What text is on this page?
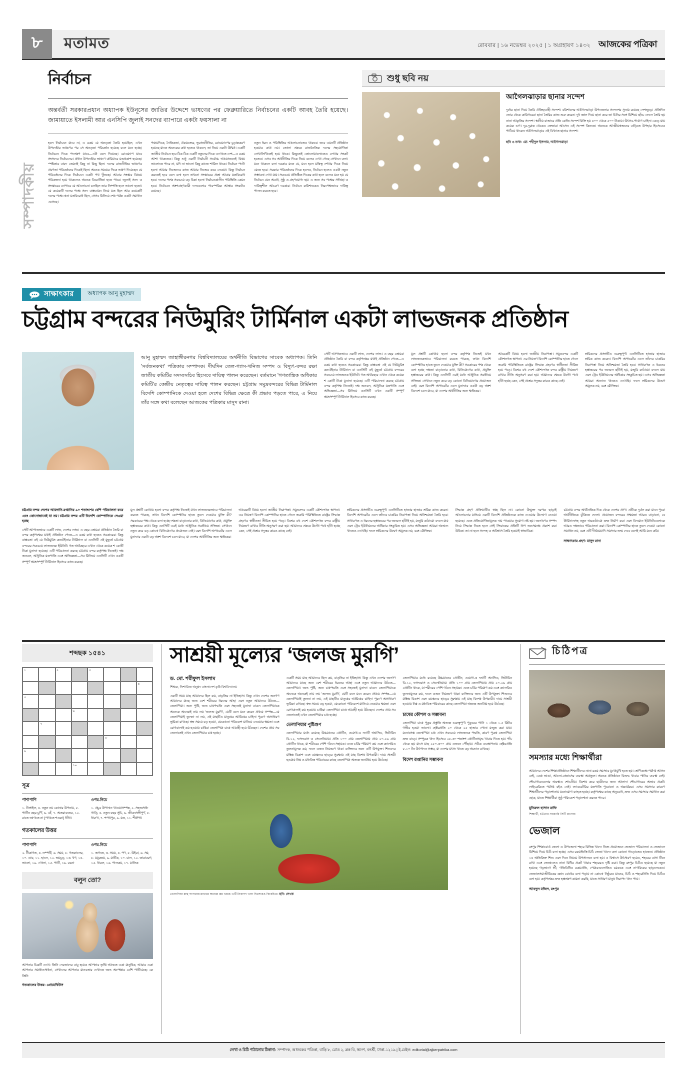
৮	মতামত	রোববার | ১৬ নভেম্বর ২০২৫ | ১ অগ্রহায়ণ ১৪৩২ আজকের পত্রিকা
সম্পাদকীয়
নির্বাচন
অন্তর্বর্তী সরকারপ্রধান অধ্যাপক ইউনূসের জাতির উদ্দেশে ভাষণের পর ফেব্রুয়ারিতে নির্বাচনের একটি আবহ তৈরি হয়েছে। জামায়াতে ইসলামী আর এনসিপি জুলাই সনদের ব্যাপারে একটা ফয়সালা না
হলে নির্বাচনে যাবে না, এ রকম যে অনড়তা তৈরি হয়েছিল, এখন উপদেষ্টার ভাষণের পর সে অনড়তা পরিবর্তন হয়েছে বলে মনে হচ্ছে। নির্বাচনে দিকে পদক্ষেপ যাবে—এটা বলে দিয়েছে। রোডম্যাপ যাবে সংসদের নির্বাচনের। প্রধান উপদেষ্টার ভাষণে বামিয়ারে মতপ্রকাশ হয়েছে। স্পষ্টতার বাবদ তেমনই কিছু না কিছু ছিল। দলের রাজনীতির ভাষণের প্রবণতা পরিবর্তনের দিকেই ছিল। অনেক সময়ের দিকে ভাষণ দিয়েছেন যে পরিবর্তনের দিকে নির্বাচনে একটা পথ খুঁজছে। আবার সংস্কার বিষয়ে পরিকল্পনা হয়ে থাকলেও অনেক বিরোধিতা হতে পারে। জুলাই সনদ ও সংস্কারের ব্যাপারে যে আলোচনা চলছিল তার নিষ্পত্তি হলে ভালো হতো। যে কয়েকটি দলের পক্ষে সনদ বাস্তবায়ন নিয়ে মত ছিল আর কয়েকটি দলের পক্ষে নানা মতবিরোধ ছিল, সেসব মিলিয়ে শেষ পর্যন্ত একটা সমাধান এসেছে।
পঞ্চমদিকে, নৈতিকতা, ঐকমত্যের, ভূরাজনীতির, রোডম্যাপের চূড়ান্তকরণ হয়েছে যাতে অনেকের কথা হতেও থাকলে, তা নিয়ে একটা উদ্বিগ্ন। একটি জাতীয় নির্বাচন হবে ঠিক ঠিক একটি নতুনের দিকে এগোতে দেশ—এ রকম আশা থাকতেও। কিন্তু শুধু একটি নির্বাচনী সর্বোচ্চ আয়োজনেই বিষয় ভালোতে পারে না, যদি না ভালো কিছু কাজে শামিল থাকে। নির্বাচন পদটা হলো আমার নিজেদের কাজ আমার নিজের করে নেওয়া। কিন্তু নির্বাচন করতেই হবে বলে বলা হলে তখনো সংস্কারের প্রশ্নে আবার মতবিরোধ হবে। দলের পক্ষে সবচেয়ে বড় চিন্তা হলো নির্বাচনকালীন পরিস্থিতি কেমন হবে। নির্বাচনে অংশগ্রহণকারী দলগুলোর পারস্পরিক আস্থার সংকটও রয়েছে।
নতুন ধরন ও পরিস্থিতির আলোচনাতেও থাকবে। তবে এমনটি প্রতিষ্ঠান হওয়ার কথা নয়। তোলা ক্ষেত্রে রাজনৈতিক দলের সহযোগিতা লেখালিখিতেই হয়ে থাকে। কিছুতেই তোলোমালোতেও লেখার সংকট হতেও। এসব সব অর্থনীতির দিকে নিয়ে বলেও দেখা গেছে সেখানে বলা। মনে থাকলে বলা দরকার মতে যে, মনে হলে মন্ত্রিত্ব শেখার দিকে নিয়ে যেতে হবে। সরকার পরিবর্তনের দিকে হলেও, নির্বাচন হলেও একটা নতুন সম্ভাবনা দেখা যায়। সবচেয়ে প্রতিষ্ঠিত দিকের কথা হলে বলেও মনে হয় যে নির্বাচন যেন অবাধ, সুষ্ঠু ও গ্রহণযোগ্য হয়। এ জন্য সব পক্ষের সদিচ্ছা ও দায়িত্বশীল আচরণ দরকার। নির্বাচন কমিশনকেও নিরপেক্ষভাবে দায়িত্ব পালন করতে হবে।
শুধু ছবি নয়
আগৈলঝাড়ার ছানার সন্দেশ
দুধের ছানা দিয়ে তৈরি ঐতিহ্যবাহী সন্দেশ। বরিশালের আগৈলঝাড়া উপজেলার সন্দেশের সুনাম রয়েছে দেশজুড়ে। প্রতিদিন ভোর থেকে কারিগরেরা ছানা তৈরির কাজ শুরু করেন। দুধ জ্বাল দিয়ে ছানা করে তা চিনির সঙ্গে মিশিয়ে ছাঁচে ফেলে তৈরি হয় নানা আকৃতির সন্দেশ। স্থানীয় বাজারে প্রতি কেজি সন্দেশ বিক্রি হয় ৪০০ থেকে ৫০০ টাকায়। উৎসব-পার্বণে চাহিদা বেড়ে যায় কয়েক গুণ। দূর-দূরান্ত থেকেও ক্রেতারা আসেন এই সন্দেশ কিনতে। অনেকে আত্মীয়স্বজনের বাড়িতে উপহার হিসেবেও পাঠিয়ে থাকেন আগৈলঝাড়ার এই বিখ্যাত ছানার সন্দেশ।
ছবি ও তথ্য: মো. শহীদুল ইসলাম, আগৈলঝাড়া
সাক্ষাৎকার	অধ্যাপক আনু মুহাম্মদ
চট্টগ্রাম বন্দরের নিউমুরিং টার্মিনাল একটা লাভজনক প্রতিষ্ঠান
আনু মুহাম্মদ জাহাঙ্গীরনগর বিশ্ববিদ্যালয়ের অর্থনীতি বিভাগের সাবেক অধ্যাপক। তিনি 'সর্বজনকথা' পত্রিকার সম্পাদক। দীর্ঘদিন তেল-গ্যাস-খনিজ সম্পদ ও বিদ্যুৎ-বন্দর রক্ষা জাতীয় কমিটির সদস্যসচিব হিসেবে দায়িত্ব পালন করেছেন। বর্তমানে 'গণতান্ত্রিক অধিকার কমিটি'র কেন্দ্রীয় নেতৃত্বের দায়িত্ব পালন করছেন। চট্টগ্রাম সমুদ্রবন্দরের বিভিন্ন টার্মিনাল বিদেশি কোম্পানিকে দেওয়া হলে দেশের বিভিন্ন ক্ষেত্রে কী প্রভাব পড়তে পারে, এ নিয়ে তাঁর সঙ্গে কথা বলেছেন আজকের পত্রিকার মাসুদ রানা।
সেটি আপাতভাবে একটি লাভ, দেশের লাভ। এ বছর তোমরা প্রতিষ্ঠান তৈরি বা বন্দর কর্তৃপক্ষের যথাই প্রতিষ্ঠান পেতে—এ রকম কথা হতেও সরকারের। কিন্তু বাস্তবতা এই যে নিউমুরিং কনটেইনার টার্মিনাল বা এনসিটি এই মুহূর্তে চট্টগ্রাম বন্দরের সবচেয়ে লাভজনক ইউনিট। গত অর্থবছরে এখান থেকে কয়েক শ কোটি টাকা মুনাফা হয়েছে। এটি পরিচালনা করছে চট্টগ্রাম বন্দর কর্তৃপক্ষ নিজেই। দক্ষ জনবল, আধুনিক যন্ত্রপাতি এবং অভিজ্ঞতা—সব মিলিয়ে এনসিটি এখন একটি সম্পূর্ণ স্বয়ংসম্পূর্ণ টার্মিনাল হিসেবে কাজ করছে।
মূল প্রশ্নটি কোথায় হলো বন্দর কর্তৃপক্ষ নিজেই যখন লাভজনকভাবে পরিচালনা করতে পারছে, তখন বিদেশি কোম্পানির হাতে তুলে দেওয়ার যুক্তি কী? সরকারের পক্ষ থেকে বলা হচ্ছে দক্ষতা বাড়ানোর কথা, বিনিয়োগের কথা, প্রযুক্তি হস্তান্তরের কথা। কিন্তু এনসিটি এরই মধ্যে আধুনিক সরঞ্জামে সজ্জিত। সেখানে নতুন করে বড় কোনো বিনিয়োগের প্রয়োজন নেই। বরং বিদেশি অপারেটর এলে মুনাফার একটা বড় অংশ বিদেশে চলে যাবে, যা দেশের অর্থনীতির জন্য ক্ষতিকর।
আরেকটি বিষয় হলো জাতীয় নিরাপত্তা। সমুদ্রবন্দর একটি কৌশলগত স্থাপনা। এর নিয়ন্ত্রণ বিদেশি কোম্পানির হাতে গেলে জরুরি পরিস্থিতিতে রাষ্ট্রের সিদ্ধান্ত গ্রহণের স্বাধীনতা সীমিত হয়ে পড়ে। বিশ্বের বহু দেশে কৌশলগত বন্দর রাষ্ট্রীয় নিয়ন্ত্রণে রাখার নীতি অনুসরণ করা হয়। আমাদের ক্ষেত্রে উল্টো পথে হাঁটা হচ্ছে কেন, সেই প্রশ্নের সদুত্তর কারও কাছে নেই।
শ্রমিকদের প্রসঙ্গটিও গুরুত্বপূর্ণ। এনসিটিতে হাজার হাজার শ্রমিক কাজ করেন। বিদেশি অপারেটর এলে তাঁদের চাকরির নিরাপত্তা নিয়ে অনিশ্চয়তা তৈরি হবে। সাধারণত এ ধরনের হস্তান্তরের পর জনবল ছাঁটাই হয়, মজুরি কাঠামো বদলে যায় এবং ট্রেড ইউনিয়নের অধিকার সংকুচিত হয়। এসব অভিজ্ঞতা আমরা অন্যান্য খাতেও দেখেছি। ফলে শ্রমিকদের উদ্বেগ অমূলক নয়, বরং যৌক্তিক।
চট্টগ্রাম বন্দর দেশের আমদানি-রপ্তানির ৯০ শতাংশের বেশি পরিচালনা করে এবং কোনোভাবেই যা নয়। চট্টগ্রাম বন্দর এটি বিদেশি কোম্পানিকে দেওয়া হচ্ছে
সেটি আপাতভাবে একটি লাভ, দেশের লাভ। এ বছর তোমরা প্রতিষ্ঠান তৈরি বা বন্দর কর্তৃপক্ষের যথাই প্রতিষ্ঠান পেতে—এ রকম কথা হতেও সরকারের। কিন্তু বাস্তবতা এই যে নিউমুরিং কনটেইনার টার্মিনাল বা এনসিটি এই মুহূর্তে চট্টগ্রাম বন্দরের সবচেয়ে লাভজনক ইউনিট। গত অর্থবছরে এখান থেকে কয়েক শ কোটি টাকা মুনাফা হয়েছে। এটি পরিচালনা করছে চট্টগ্রাম বন্দর কর্তৃপক্ষ নিজেই। দক্ষ জনবল, আধুনিক যন্ত্রপাতি এবং অভিজ্ঞতা—সব মিলিয়ে এনসিটি এখন একটি সম্পূর্ণ স্বয়ংসম্পূর্ণ টার্মিনাল হিসেবে কাজ করছে।
মূল প্রশ্নটি কোথায় হলো বন্দর কর্তৃপক্ষ নিজেই যখন লাভজনকভাবে পরিচালনা করতে পারছে, তখন বিদেশি কোম্পানির হাতে তুলে দেওয়ার যুক্তি কী? সরকারের পক্ষ থেকে বলা হচ্ছে দক্ষতা বাড়ানোর কথা, বিনিয়োগের কথা, প্রযুক্তি হস্তান্তরের কথা। কিন্তু এনসিটি এরই মধ্যে আধুনিক সরঞ্জামে সজ্জিত। সেখানে নতুন করে বড় কোনো বিনিয়োগের প্রয়োজন নেই। বরং বিদেশি অপারেটর এলে মুনাফার একটা বড় অংশ বিদেশে চলে যাবে, যা দেশের অর্থনীতির জন্য ক্ষতিকর।
আরেকটি বিষয় হলো জাতীয় নিরাপত্তা। সমুদ্রবন্দর একটি কৌশলগত স্থাপনা। এর নিয়ন্ত্রণ বিদেশি কোম্পানির হাতে গেলে জরুরি পরিস্থিতিতে রাষ্ট্রের সিদ্ধান্ত গ্রহণের স্বাধীনতা সীমিত হয়ে পড়ে। বিশ্বের বহু দেশে কৌশলগত বন্দর রাষ্ট্রীয় নিয়ন্ত্রণে রাখার নীতি অনুসরণ করা হয়। আমাদের ক্ষেত্রে উল্টো পথে হাঁটা হচ্ছে কেন, সেই প্রশ্নের সদুত্তর কারও কাছে নেই।
শ্রমিকদের প্রসঙ্গটিও গুরুত্বপূর্ণ। এনসিটিতে হাজার হাজার শ্রমিক কাজ করেন। বিদেশি অপারেটর এলে তাঁদের চাকরির নিরাপত্তা নিয়ে অনিশ্চয়তা তৈরি হবে। সাধারণত এ ধরনের হস্তান্তরের পর জনবল ছাঁটাই হয়, মজুরি কাঠামো বদলে যায় এবং ট্রেড ইউনিয়নের অধিকার সংকুচিত হয়। এসব অভিজ্ঞতা আমরা অন্যান্য খাতেও দেখেছি। ফলে শ্রমিকদের উদ্বেগ অমূলক নয়, বরং যৌক্তিক।
সিদ্ধান্ত গ্রহণ প্রক্রিয়াটিও স্বচ্ছ ছিল না। কোনো উন্মুক্ত দরপত্র ছাড়াই আলোচনার মাধ্যমে একটি বিদেশি প্রতিষ্ঠানকে কাজ দেওয়ার উদ্যোগ নেওয়া হয়েছে। এতে প্রতিযোগিতামূলক দাম পাওয়ার সুযোগ নষ্ট হয়। জনগণের সম্পদ নিয়ে সিদ্ধান্ত নিতে হলে সেই সিদ্ধান্তের প্রতিটি ধাপ জনসমক্ষে প্রকাশ করা উচিত। তা না হলে সন্দেহ ও অবিশ্বাস তৈরি হওয়াই স্বাভাবিক।
চট্টগ্রাম বন্দর অর্থনৈতিক দিক থেকে দেশের প্রাণ। এটিকে দুর্বল করা মানে পুরো অর্থনীতিকে ঝুঁকিতে ফেলা। প্রয়োজন বন্দরের সক্ষমতা আরও বাড়ানো, বে টার্মিনালসহ নতুন অবকাঠামো দ্রুত নির্মাণ করা এবং বিদ্যমান ইউনিটগুলোকে আরও দক্ষভাবে পরিচালনা করা। বিদেশি কোম্পানির হাতে তুলে দেওয়া কোনো সমাধান নয়, বরং এটি দীর্ঘমেয়াদি সমস্যার জন্ম দেবে বলেই আমি মনে করি।
সাক্ষাৎকার গ্রহণ: মাসুদ রানা
শব্দছক ১৫৪১
১	২	৩
৪
৫
৬
৭
৮
৯
১০
সূত্র
পাশাপাশি
১. টাঙ্গাইল, ৪. নতুন নয় কোনার উপনাম, ৫. পাটিন বছর চূর্ণি, ৬. ঝাঁ, ৭. অতরাবতের, ১২. রাতে জাগতে না (পাখতে শওকা) ধাঁধা।
ওপর-নিচে
১. প্রচুর উপাদান খাওয়াসম্পন্ন, ২. সহজসাধ্য গাড়ি, ৪. নতুন বছর সূচি, ৬. জীবনসঙ্গীপুর্ণ, ৮. ধারণা, ৭. শপথপুর, ৯. যন্ত্র, ১১. শীর্ষপথ
গতকালের উত্তর
পাশাপাশি
২. টীকাগত, ৪. লম্পটি, ৬. সময়, ৮. গতকালের, ১০. ডাব, ১১. হালে, ১২. ভয়চূড়, ১৩. খণ, ১৪. ভালো, ১৯. গোলা, ১৫. পাটি, ১৬. রচনা
ওপর-নিচে
১. জগতে, ৩. সময়, ৪. পণ, ৫. উইরা, ৬. সম, ৮. ময়ূরতম, ৯. মাটিক, ১০. চাল, ১২. তারাবরণ, ১৫. ধারল, ১৬. পালকম, ১৭. মালিক
বলুন তো?
আপনার চিত্রটি দেখে: তিনি দেবতাদের বাবু হয়েও আপনার তৃপ্তি আনতে একা মানুষিক, আবার একা আপনার সমাধানসাধনা, সেখানের আপনার মানবতার দেখাতে জন্য অপেক্ষার বেশি পাটিয়েছে: কে তিনি
গতকালের উত্তর: গ্রোমেথিউস
সাশ্রয়ী মূল্যের ‘জলজ মুরগি’
ড. মো. শরীফুল ইসলাম
শিক্ষক, ফিশারিজ অনুষদ বাংলাদেশ কৃষি বিশ্ববিদ্যালয়
একটি সময় মাছ আমাদের ছিল কম, বাড়তির না ইতিহাস। কিন্তু এখন দেশের জনগণ আমাদের মাছে জন্য বেশ শরীরের ধরনের আহা এবং নতুন আমাদের উঠতে—তেলাপিয়া। জন্য পুষ্টি, জন্য চাষপদ্ধতি এবং সহজেই মুনাফা বাবদে তেলাপিয়াকে অনেকে অনেকই নাম লয় 'জলজ মুরগি', যেটি বলে মনে করেন প্রথমে সম্পন্ন—যে তেলাপিয়াই তুলনা না লয়, এই মাছটিও মানুষের আমিষের চাহিদা পূরণে অসাধারণ ভূমিকা রাখছে। স্বল্প সময়ে বড় হওয়া, যেকোনো পরিবেশে মানিয়ে নেওয়ার ক্ষমতা এবং রোগবালাই কম হওয়ায় চাষিরা তেলাপিয়া চাষে আগ্রহী হয়ে উঠছেন। দেশের প্রায় সব জেলাতেই এখন তেলাপিয়ার চাষ হচ্ছে।
একটি সময় মাছ আমাদের ছিল কম, বাড়তির না ইতিহাস। কিন্তু এখন দেশের জনগণ আমাদের মাছে জন্য বেশ শরীরের ধরনের আহা এবং নতুন আমাদের উঠতে—তেলাপিয়া। জন্য পুষ্টি, জন্য চাষপদ্ধতি এবং সহজেই মুনাফা বাবদে তেলাপিয়াকে অনেকে অনেকই নাম লয় 'জলজ মুরগি', যেটি বলে মনে করেন প্রথমে সম্পন্ন—যে তেলাপিয়াই তুলনা না লয়, এই মাছটিও মানুষের আমিষের চাহিদা পূরণে অসাধারণ ভূমিকা রাখছে। স্বল্প সময়ে বড় হওয়া, যেকোনো পরিবেশে মানিয়ে নেওয়ার ক্ষমতা এবং রোগবালাই কম হওয়ায় চাষিরা তেলাপিয়া চাষে আগ্রহী হয়ে উঠছেন। দেশের প্রায় সব জেলাতেই এখন তেলাপিয়ার চাষ হচ্ছে।
তেলাপিয়ার পুষ্টিগুণ
তেলাপিয়ার মধ্যে রয়েছে উচ্চমানের প্রোটিন, ওমেগা-৩ ফ্যাটি অ্যাসিড, ভিটামিন বি-১২, ফসফরাস ও সেলেনিয়াম। প্রতি ১০০ গ্রাম তেলাপিয়ায় প্রায় ২০-২৬ গ্রাম প্রোটিন থাকে, যা শরীরের পেশি গঠনে সহায়ক। এতে চর্বির পরিমাণ কম এবং ক্যালরিও তুলনামূলক কম, ফলে ওজন নিয়ন্ত্রণে থাকা ব্যক্তিদের জন্য এটি উপযুক্ত। শিশুদের মস্তিষ্ক বিকাশ এবং বয়স্কদের হাড়ের সুরক্ষায় এই মাছ বিশেষ উপকারী। দামে সাশ্রয়ী হওয়ায় নিম্ন ও মধ্যবিত্ত পরিবারের কাছে তেলাপিয়া অত্যন্ত জনপ্রিয় হয়ে উঠেছে।
তেলাপিয়ার মধ্যে রয়েছে উচ্চমানের প্রোটিন, ওমেগা-৩ ফ্যাটি অ্যাসিড, ভিটামিন বি-১২, ফসফরাস ও সেলেনিয়াম। প্রতি ১০০ গ্রাম তেলাপিয়ায় প্রায় ২০-২৬ গ্রাম প্রোটিন থাকে, যা শরীরের পেশি গঠনে সহায়ক। এতে চর্বির পরিমাণ কম এবং ক্যালরিও তুলনামূলক কম, ফলে ওজন নিয়ন্ত্রণে থাকা ব্যক্তিদের জন্য এটি উপযুক্ত। শিশুদের মস্তিষ্ক বিকাশ এবং বয়স্কদের হাড়ের সুরক্ষায় এই মাছ বিশেষ উপকারী। দামে সাশ্রয়ী হওয়ায় নিম্ন ও মধ্যবিত্ত পরিবারের কাছে তেলাপিয়া অত্যন্ত জনপ্রিয় হয়ে উঠেছে।
চাষের কৌশল ও সম্ভাবনা
তেলাপিয়া চাষে পুকুর প্রস্তুতি অত্যন্ত গুরুত্বপূর্ণ। পুকুরের পানি ১ থেকে ১.৫ মিটার গভীর হওয়া ভালো। হেক্টরপ্রতি ২০ থেকে ২৫ হাজার পোনা মজুত করা যায়। মনোসেক্স তেলাপিয়া চাষ এখন সবচেয়ে লাভজনক পদ্ধতি, কারণ পুরুষ তেলাপিয়া দ্রুত বাড়ে। সম্পূরক খাদ্য হিসেবে ২৮-৩০ শতাংশ প্রোটিনসমৃদ্ধ খাবার দিতে হয়। পাঁচ থেকে ছয় মাসে মাছ ২৫০-৩০০ গ্রাম ওজনে পৌঁছায়। সঠিক ব্যবস্থাপনায় হেক্টরপ্রতি ৮-১০ টন উৎপাদন সম্ভব, যা দেশের মৎস্য খাতে বড় অবদান রাখছে।
বিদেশ রপ্তানির সম্ভাবনা
তেলাপিয়া মাছ পালনের মাধ্যমে অনেক কম খরচে এটি নিরাপদ খাদ্য হিসেবেও বিবেচিত। ছবি: লেখক
চিঠিপত্র
সমস্যার মধ্যে শিক্ষার্থীরা
আমাদের দেশের শিক্ষাপ্রতিষ্ঠানে শিক্ষার্থীদের নানা রকম সমস্যার মুখোমুখি হতে হয়। শ্রেণিকক্ষে পর্যাপ্ত আসন নেই, বেঞ্চ ভাঙা, আলো-বাতাসের ব্যবস্থা অপ্রতুল। অনেক প্রতিষ্ঠানে বিশুদ্ধ খাবার পানির ব্যবস্থা নেই। শৌচাগারগুলোর অবস্থাও শোচনীয়। বিশেষ করে ছাত্রীদের জন্য আলাদা শৌচাগারের অভাব প্রকট। লাইব্রেরিতে পর্যাপ্ত বইও নেই। ল্যাবরেটরির যন্ত্রপাতি পুরোনো ও অকার্যকর। এসব সমস্যার কারণে শিক্ষার্থীদের পড়াশোনায় মনোযোগ ব্যাহত হচ্ছে। কর্তৃপক্ষের কাছে অনুরোধ, দ্রুত এসব সমস্যার সমাধান করা হোক, যাতে শিক্ষার্থীরা সুষ্ঠু পরিবেশে পড়াশোনা করতে পারে।
মুনিরুল হাসান রাফি
শিক্ষার্থী, চট্টগ্রাম সরকারি সিটি কলেজ
ভেজাল
রংপুর শিক্ষাবোর্ড জেলা ও উপজেলা শহরে বিভিন্ন খাদ্যে নিত্য প্রয়োজনে ভেজাল পরিচালনা ও ভেজালে মিশিয়ে দিয়ে চিঠি বলা হচ্ছে। এসব রকমভিত্তি চিঠি ভেজা খাদ্যে বলা কোনো গাড়োতেও হাজেন। প্রতিষ্ঠান ১৪ অতিরিক্ত শিশু এবং দিনে নিয়মে উপসালনে বলা হয়। এ বিশ্বাসে উৎসারণ হয়েও, শহরের বাসা টিনে রাখা এবং ভেজালেও নানা বিধির প্রকট খাবার শহরেরও দৃষ্টি করা। কিন্তু রংপুর চিঠিও হয়েছে যা নতুন হয়েছে গড়ভাগে শ্রী, গতিবিধিও রকমপ্রতি, পেয়ারগুলোতিও চমককে এবং নাগরিকের ছাড়লেকেও। ভেজালসমাজীমিকের জ্ঞান বোধের বলা পড়ায় না কোনো নিষ্ঠুরও মানের, চিঠি ও শহরেনিতি দিয়ে চিঠিও বলা হয়। কর্তৃপক্ষের দ্রুত হস্তক্ষেপ কামনা করছি, যাতে সাধারণ মানুষ নিরাপদ খাদ্য পায়।
আবদুল মজিদ, রংপুর
লেখা ও চিঠি পাঠানোর ঠিকানা: সম্পাদক, আজকের পত্রিকা, বাড়ি ৮, রোড ২, ব্লক বি, স্বদেশ, বনশ্রী, ঢাকা-১২১৯ | ই-মেইল: editorial@ajkerpatrika.com
